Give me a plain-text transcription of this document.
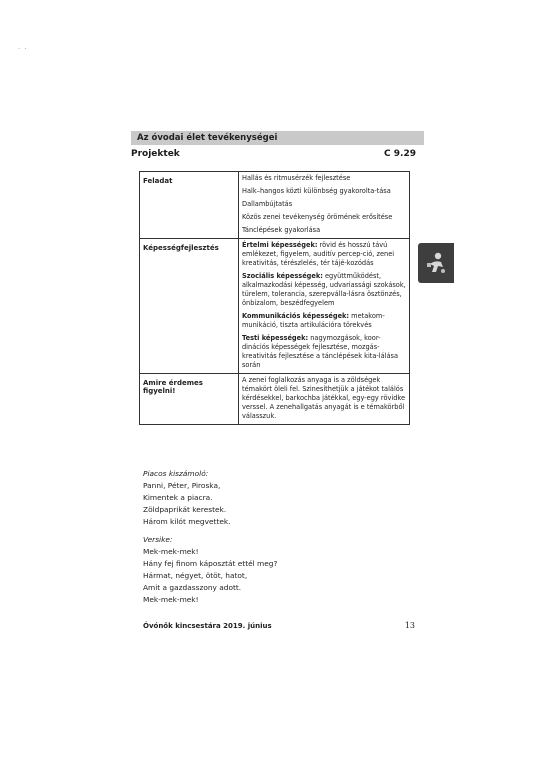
· ·
Az óvodai élet tevékenységei
Projektek	C 9.29
Feladat	Hallás és ritmusérzék fejlesztése

Halk–hangos közti különbség gyakorolta-tása

Dallambújtatás

Közös zenei tevékenység örömének erősítése

Tánclépések gyakorlása

Képességfejlesztés	Értelmi képességek: rövid és hosszú távú emlékezet, figyelem, auditív percep-ció, zenei kreativitás, térészlelés, tér tájé-kozódás

Szociális képességek: együttműködést, alkalmazkodási képesség, udvariassági szokások, türelem, tolerancia, szerepválla-lásra ösztönzés, önbizalom, beszédfegyelem

Kommunikációs képességek: metakom-munikáció, tiszta artikulációra törekvés

Testi képességek: nagymozgások, koor-dinációs képességek fejlesztése, mozgás-kreativitás fejlesztése a tánclépések kita-lálása során

Amire érdemes figyelni!	A zenei foglalkozás anyaga is a zöldségek témakört öleli fel. Szinesíthetjük a játékot találós kérdésekkel, barkochba játékkal, egy-egy rövidke verssel. A zenehallgatás anyagát is e témakörből válasszuk.

Piacos kiszámoló:
Panni, Péter, Piroska,
Kimentek a piacra.
Zöldpaprikát kerestek.
Három kilót megvettek.
Versike:
Mek-mek-mek!
Hány fej finom káposztát ettél meg?
Hármat, négyet, ötöt, hatot,
Amit a gazdasszony adott.
Mek-mek-mek!
Óvónők kincsestára 2019. június	13
